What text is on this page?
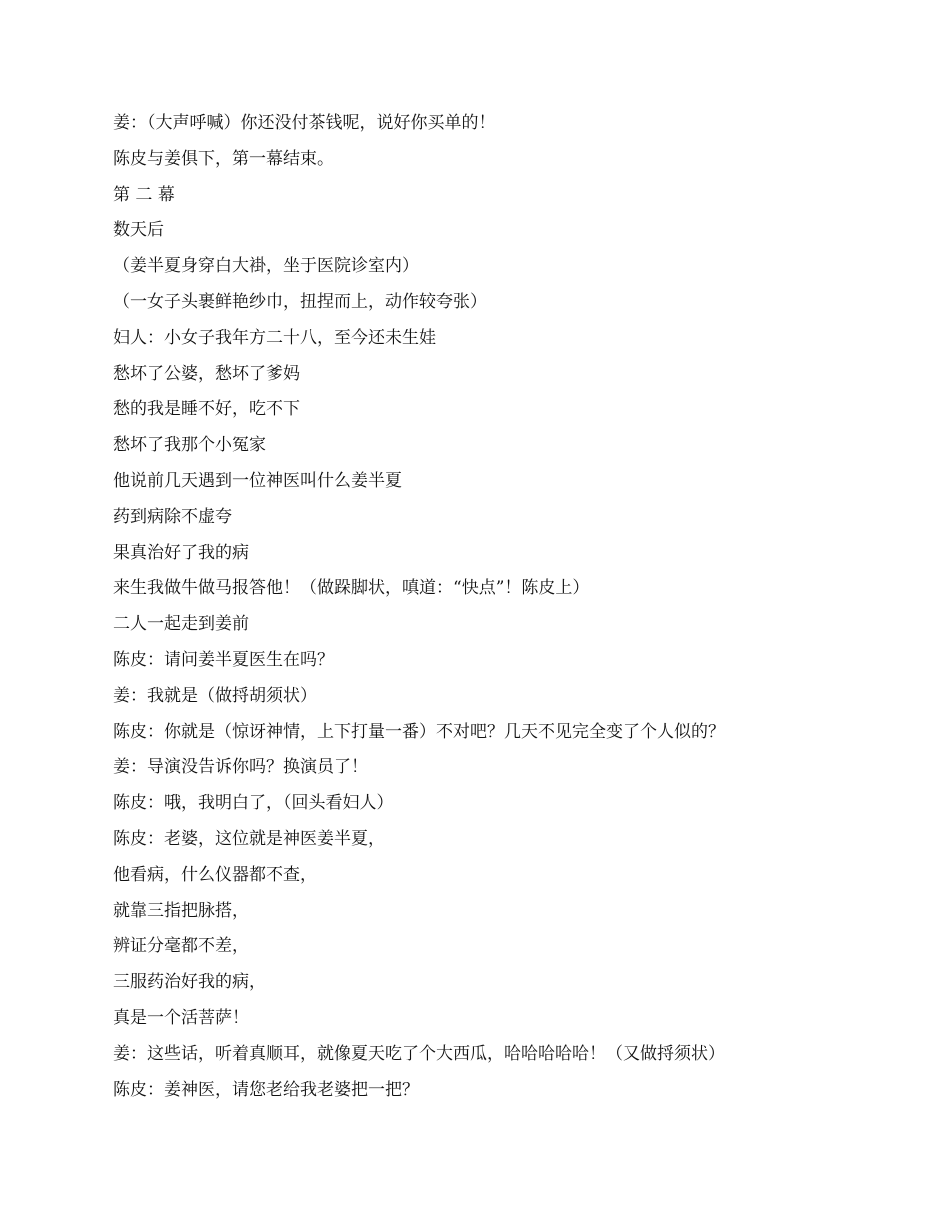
姜：（大声呼喊）你还没付茶钱呢，说好你买单的！
陈皮与姜俱下，第一幕结束。
第 二 幕
数天后
（姜半夏身穿白大褂，坐于医院诊室内）
（一女子头裹鲜艳纱巾，扭捏而上，动作较夸张）
妇人：小女子我年方二十八，至今还未生娃
愁坏了公婆，愁坏了爹妈
愁的我是睡不好，吃不下
愁坏了我那个小冤家
他说前几天遇到一位神医叫什么姜半夏
药到病除不虚夸
果真治好了我的病
来生我做牛做马报答他！（做跺脚状，嗔道：“快点”！陈皮上）
二人一起走到姜前
陈皮：请问姜半夏医生在吗？
姜：我就是（做捋胡须状）
陈皮：你就是（惊讶神情，上下打量一番）不对吧？几天不见完全变了个人似的？
姜：导演没告诉你吗？换演员了！
陈皮：哦，我明白了，（回头看妇人）
陈皮：老婆，这位就是神医姜半夏，
他看病，什么仪器都不查，
就靠三指把脉搭，
辨证分毫都不差，
三服药治好我的病，
真是一个活菩萨！
姜：这些话，听着真顺耳，就像夏天吃了个大西瓜，哈哈哈哈哈！（又做捋须状）
陈皮：姜神医，请您老给我老婆把一把？
